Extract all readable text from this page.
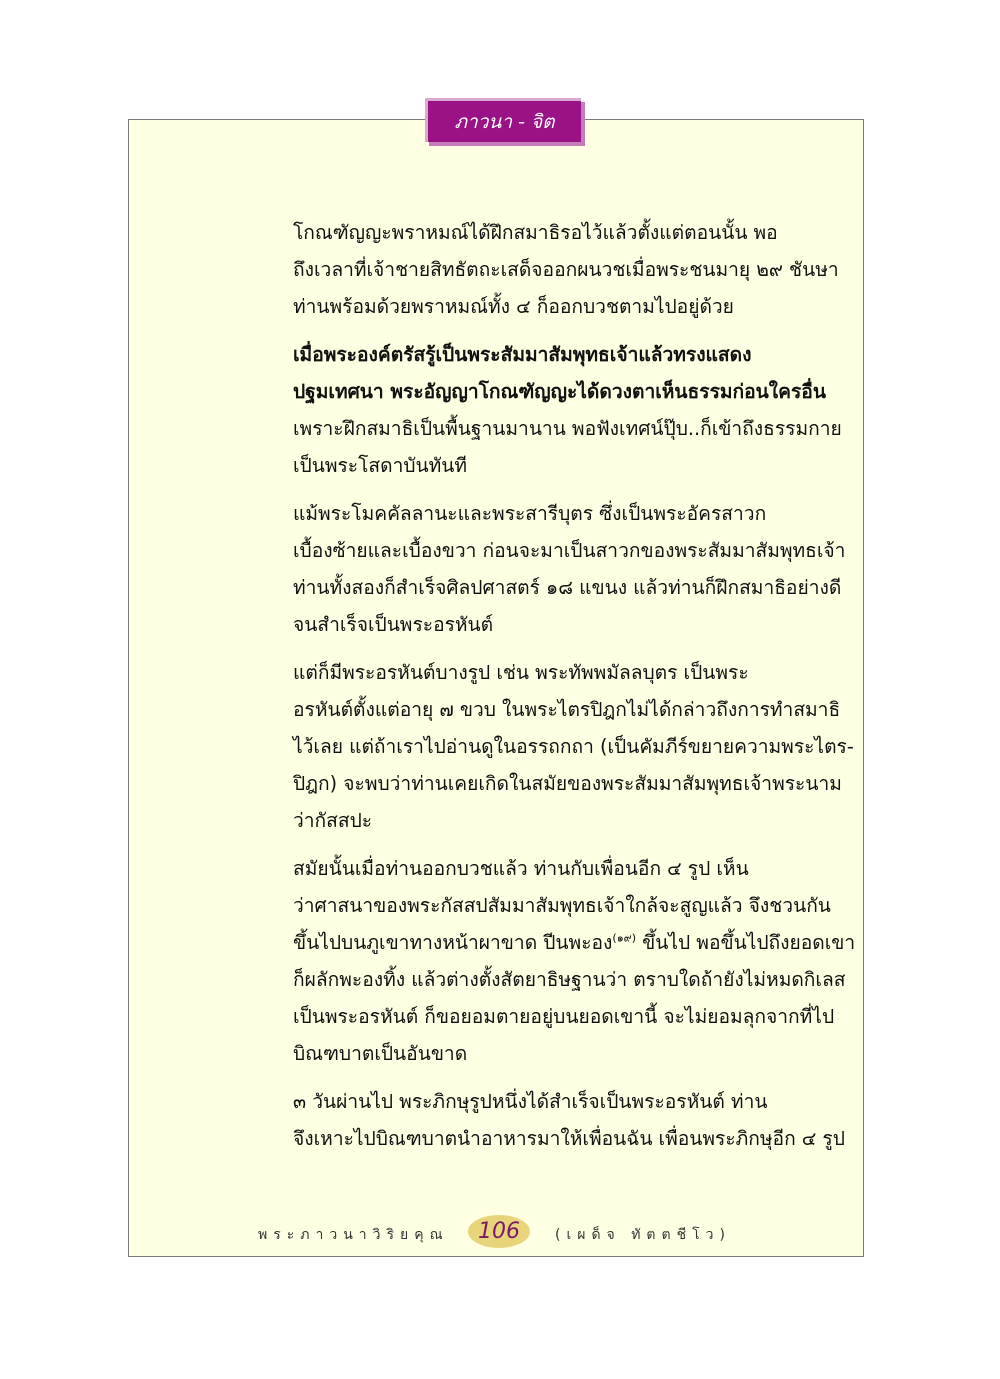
ภาวนา - จิต

โกณฑัญญะพราหมณ์ได้ฝึกสมาธิรอไว้แล้วตั้งแต่ตอนนั้น พอ
ถึงเวลาที่เจ้าชายสิทธัตถะเสด็จออกผนวชเมื่อพระชนมายุ ๒๙ ชันษา
ท่านพร้อมด้วยพราหมณ์ทั้ง ๔ ก็ออกบวชตามไปอยู่ด้วย

เมื่อพระองค์ตรัสรู้เป็นพระสัมมาสัมพุทธเจ้าแล้วทรงแสดง
ปฐมเทศนา พระอัญญาโกณฑัญญะได้ดวงตาเห็นธรรมก่อนใครอื่น
เพราะฝึกสมาธิเป็นพื้นฐานมานาน พอฟังเทศน์ปุ๊บ..ก็เข้าถึงธรรมกาย
เป็นพระโสดาบันทันที

แม้พระโมคคัลลานะและพระสารีบุตร ซึ่งเป็นพระอัครสาวก
เบื้องซ้ายและเบื้องขวา ก่อนจะมาเป็นสาวกของพระสัมมาสัมพุทธเจ้า
ท่านทั้งสองก็สำเร็จศิลปศาสตร์ ๑๘ แขนง แล้วท่านก็ฝึกสมาธิอย่างดี
จนสำเร็จเป็นพระอรหันต์

แต่ก็มีพระอรหันต์บางรูป เช่น พระทัพพมัลลบุตร เป็นพระ
อรหันต์ตั้งแต่อายุ ๗ ขวบ ในพระไตรปิฎกไม่ได้กล่าวถึงการทำสมาธิ
ไว้เลย แต่ถ้าเราไปอ่านดูในอรรถกถา (เป็นคัมภีร์ขยายความพระไตร-
ปิฎก) จะพบว่าท่านเคยเกิดในสมัยของพระสัมมาสัมพุทธเจ้าพระนาม
ว่ากัสสปะ

สมัยนั้นเมื่อท่านออกบวชแล้ว ท่านกับเพื่อนอีก ๔ รูป เห็น
ว่าศาสนาของพระกัสสปสัมมาสัมพุทธเจ้าใกล้จะสูญแล้ว จึงชวนกัน
ขึ้นไปบนภูเขาทางหน้าผาขาด ปีนพะอง$^{(๑๙)}$ ขึ้นไป พอขึ้นไปถึงยอดเขา
ก็ผลักพะองทิ้ง แล้วต่างตั้งสัตยาธิษฐานว่า ตราบใดถ้ายังไม่หมดกิเลส
เป็นพระอรหันต์ ก็ขอยอมตายอยู่บนยอดเขานี้ จะไม่ยอมลุกจากที่ไป
บิณฑบาตเป็นอันขาด

๓ วันผ่านไป พระภิกษุรูปหนึ่งได้สำเร็จเป็นพระอรหันต์ ท่าน
จึงเหาะไปบิณฑบาตนำอาหารมาให้เพื่อนฉัน เพื่อนพระภิกษุอีก ๔ รูป

พระภาวนาวิริยคุณ 106	(เผด็จ ทัตตชีโว)
